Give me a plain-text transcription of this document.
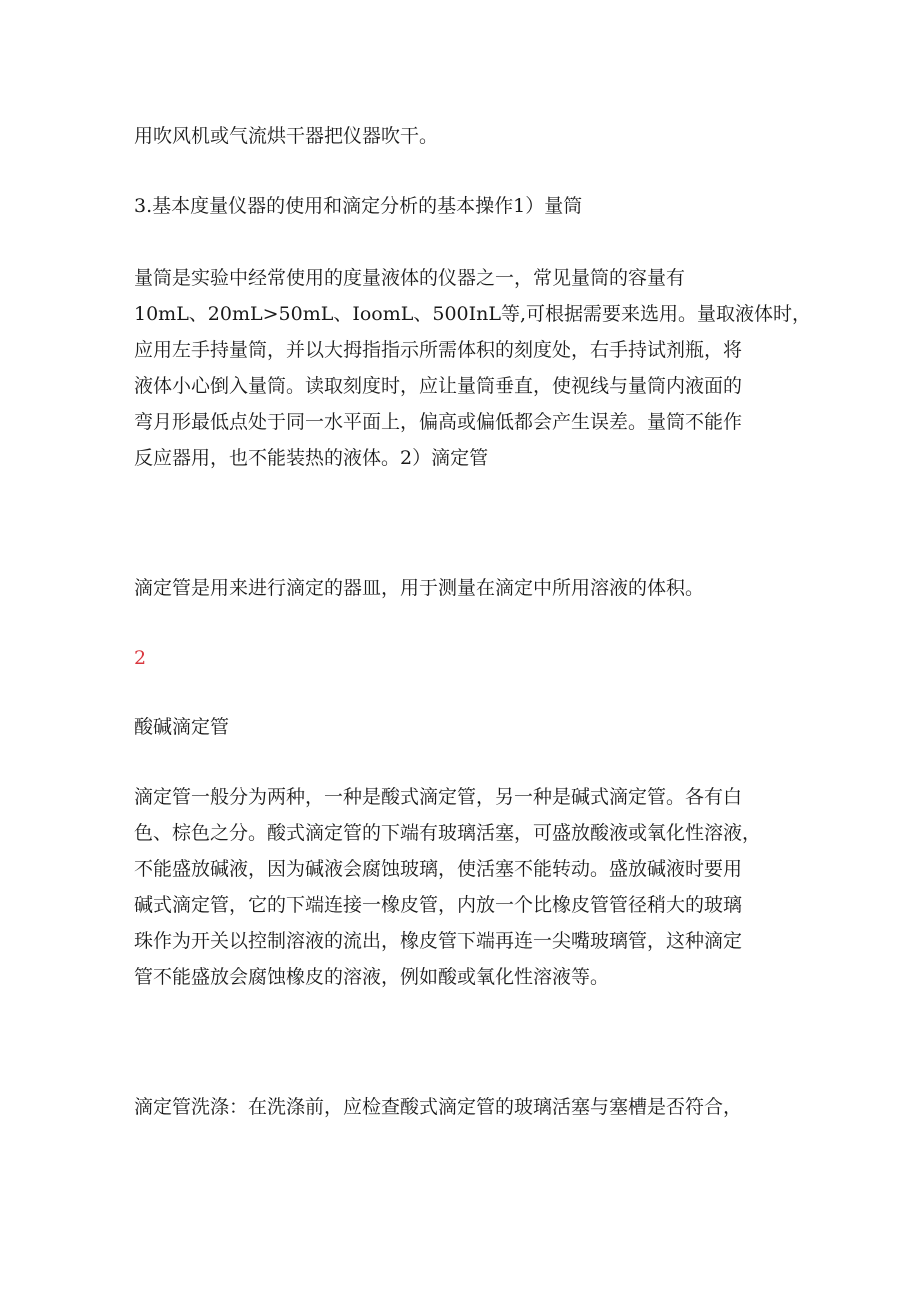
用吹风机或气流烘干器把仪器吹干。

3.基本度量仪器的使用和滴定分析的基本操作1）量筒

量筒是实验中经常使用的度量液体的仪器之一，常见量筒的容量有
10mL、20mL>50mL、IoomL、500InL等,可根据需要来选用。量取液体时，
应用左手持量筒，并以大拇指指示所需体积的刻度处，右手持试剂瓶，将
液体小心倒入量筒。读取刻度时，应让量筒垂直，使视线与量筒内液面的
弯月形最低点处于同一水平面上，偏高或偏低都会产生误差。量筒不能作
反应器用，也不能装热的液体。2）滴定管

滴定管是用来进行滴定的器皿，用于测量在滴定中所用溶液的体积。

2

酸碱滴定管

滴定管一般分为两种，一种是酸式滴定管，另一种是碱式滴定管。各有白
色、棕色之分。酸式滴定管的下端有玻璃活塞，可盛放酸液或氧化性溶液，
不能盛放碱液，因为碱液会腐蚀玻璃，使活塞不能转动。盛放碱液时要用
碱式滴定管，它的下端连接一橡皮管，内放一个比橡皮管管径稍大的玻璃
珠作为开关以控制溶液的流出，橡皮管下端再连一尖嘴玻璃管，这种滴定
管不能盛放会腐蚀橡皮的溶液，例如酸或氧化性溶液等。

滴定管洗涤：在洗涤前，应检查酸式滴定管的玻璃活塞与塞槽是否符合，
